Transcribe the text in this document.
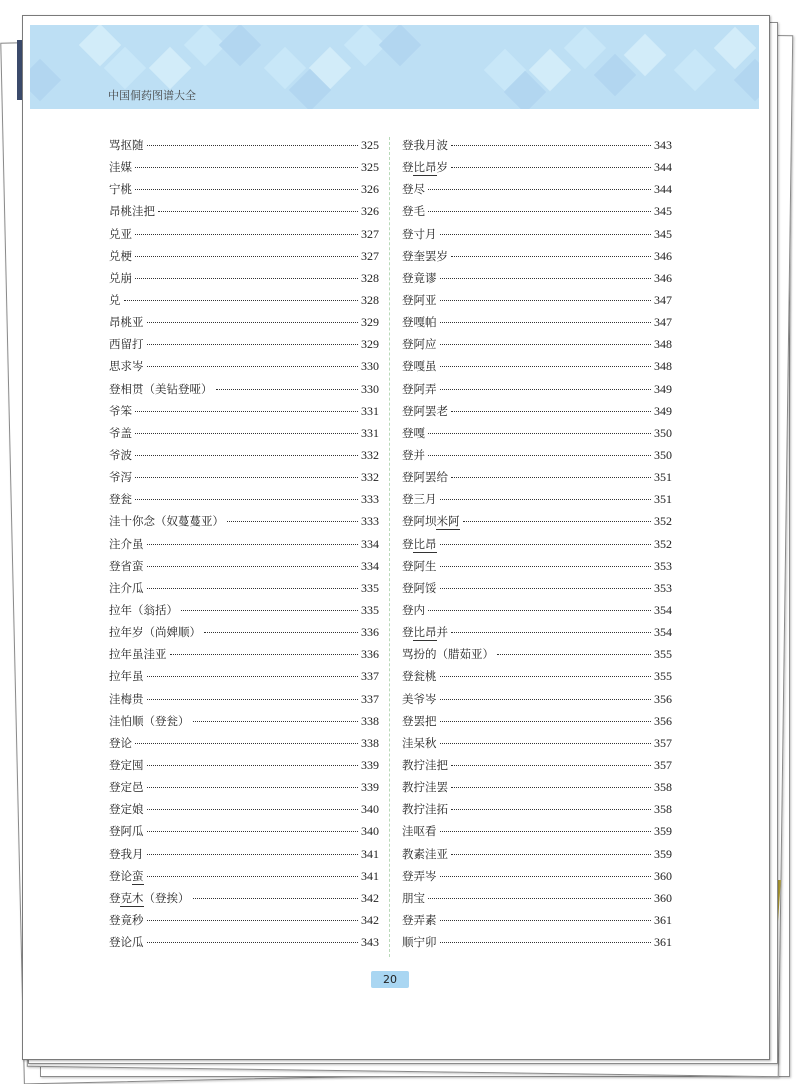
中国侗药图谱大全
骂抠随	325
洼媒	325
宁桃	326
昂桃洼把	326
兑亚	327
兑梗	327
兑崩	328
兑	328
昂桃亚	329
西留打	329
思求岑	330
登相贯（美钻登哑）	330
爷笨	331
爷盖	331
爷波	332
爷泻	332
登瓮	333
洼十你念（奴蔓蔓亚）	333
注介虽	334
登省蛮	334
注介瓜	335
拉年（翁括）	335
拉年岁（尚婢顺）	336
拉年虽洼亚	336
拉年虽	337
洼梅贵	337
洼怕顺（登瓮）	338
登论	338
登定囤	339
登定邑	339
登定娘	340
登阿瓜	340
登我月	341
登论蛮	341
登克木（登挨）	342
登竟秒	342
登论瓜	343
登我月波	343
登比昂岁	344
登尽	344
登毛	345
登寸月	345
登奎罢岁	346
登竟谬	346
登阿亚	347
登嘎帕	347
登阿应	348
登嘎虽	348
登阿弄	349
登阿罢老	349
登嘎	350
登并	350
登阿罢给	351
登三月	351
登阿坝米阿	352
登比昂	352
登阿生	353
登阿馁	353
登内	354
登比昂并	354
骂扮的（腊茹亚）	355
登瓮桃	355
美爷岑	356
登罢把	356
洼呆秋	357
教拧洼把	357
教拧洼罢	358
教拧洼拓	358
洼呕看	359
教素洼亚	359
登弄岑	360
朋宝	360
登弄素	361
顺宁卯	361
20
